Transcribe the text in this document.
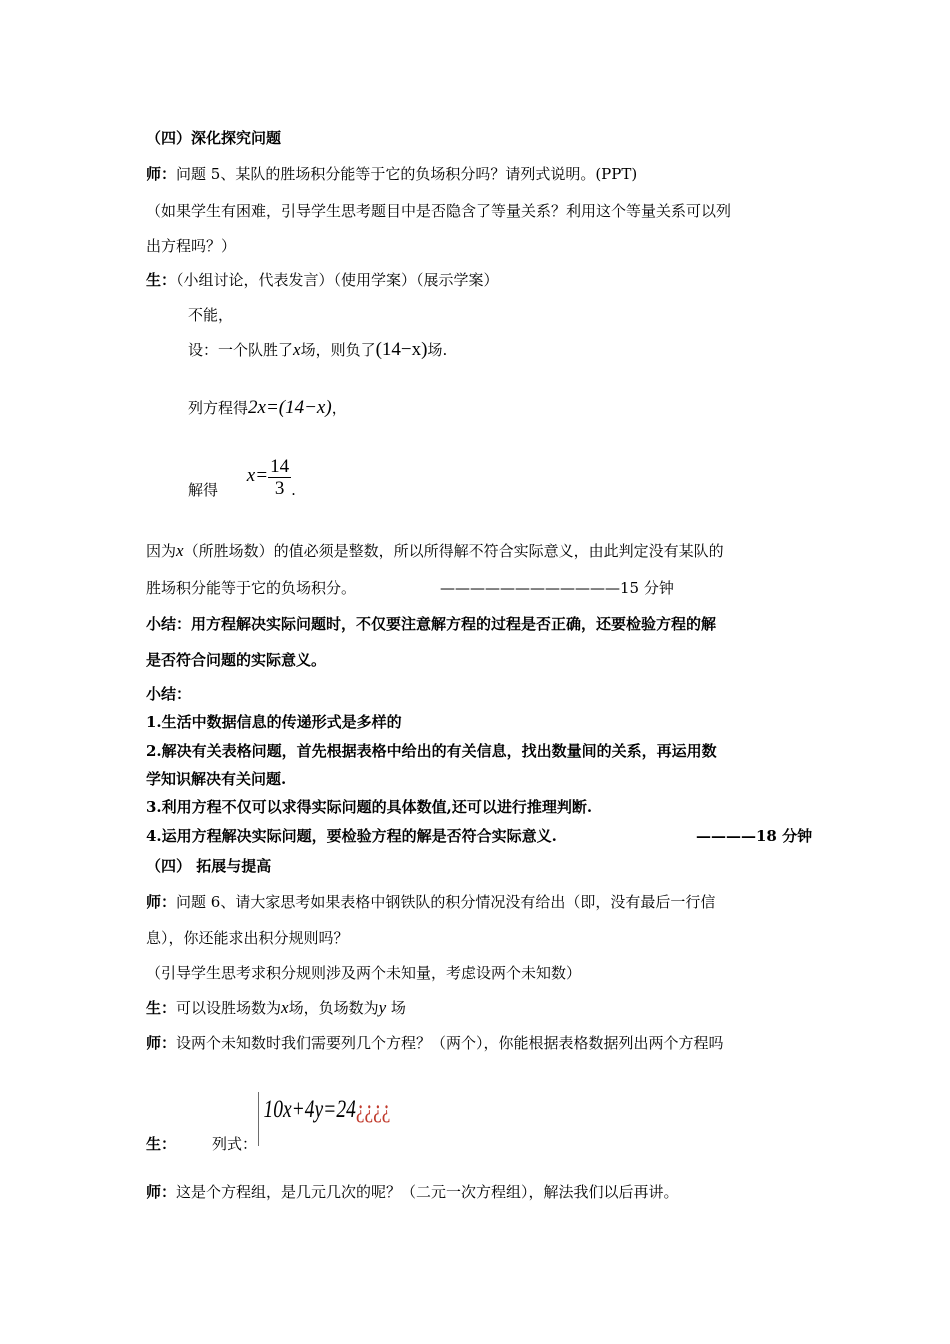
（四）深化探究问题
师：问题 5、某队的胜场积分能等于它的负场积分吗？请列式说明。(PPT)
（如果学生有困难，引导学生思考题目中是否隐含了等量关系？利用这个等量关系可以列
出方程吗？）
生：（小组讨论，代表发言）（使用学案）（展示学案）
不能，
设：一个队胜了x场，则负了(14−x)场.
列方程得2x=(14−x)，
解得 $x= \frac{14}{3}$ .
因为x（所胜场数）的值必须是整数，所以所得解不符合实际意义，由此判定没有某队的
胜场积分能等于它的负场积分。	————————————15 分钟
小结：用方程解决实际问题时，不仅要注意解方程的过程是否正确，还要检验方程的解
是否符合问题的实际意义。
小结：
1.生活中数据信息的传递形式是多样的
2.解决有关表格问题，首先根据表格中给出的有关信息，找出数量间的关系，再运用数
学知识解决有关问题.
3.利用方程不仅可以求得实际问题的具体数值,还可以进行推理判断.
4.运用方程解决实际问题，要检验方程的解是否符合实际意义.	————18 分钟
（四） 拓展与提高
师：问题 6、请大家思考如果表格中钢铁队的积分情况没有给出（即，没有最后一行信
息），你还能求出积分规则吗？
（引导学生思考求积分规则涉及两个未知量，考虑设两个未知数）
生：可以设胜场数为x场，负场数为y 场
师：设两个未知数时我们需要列几个方程？（两个），你能根据表格数据列出两个方程吗
生： 列式：
10x+4y=24¿¿¿¿
师：这是个方程组，是几元几次的呢？（二元一次方程组），解法我们以后再讲。
